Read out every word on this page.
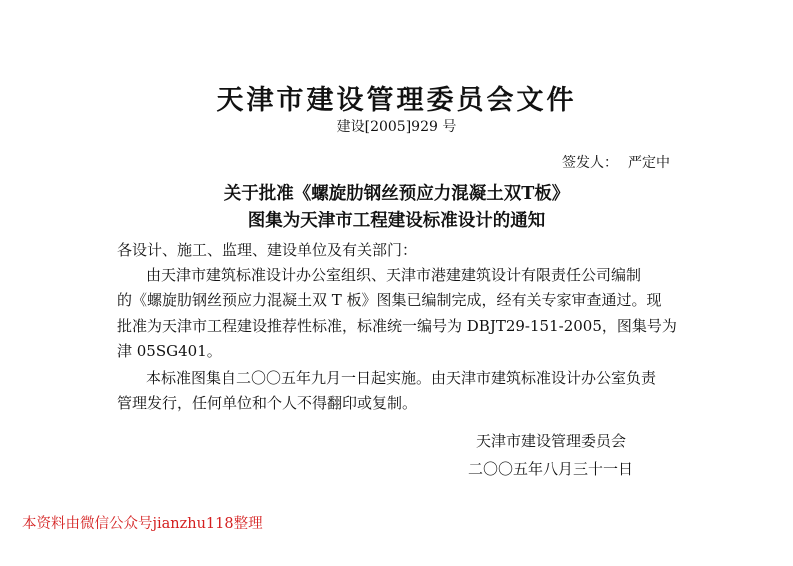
天津市建设管理委员会文件
建设[2005]929 号
签发人： 严定中
关于批准《螺旋肋钢丝预应力混凝土双T板》
图集为天津市工程建设标准设计的通知
各设计、施工、监理、建设单位及有关部门：
由天津市建筑标准设计办公室组织、天津市港建建筑设计有限责任公司编制
的《螺旋肋钢丝预应力混凝土双 T 板》图集已编制完成，经有关专家审查通过。现
批准为天津市工程建设推荐性标准，标准统一编号为 DBJT29-151-2005，图集号为
津 05SG401。
本标准图集自二〇〇五年九月一日起实施。由天津市建筑标准设计办公室负责
管理发行，任何单位和个人不得翻印或复制。
天津市建设管理委员会
二〇〇五年八月三十一日
本资料由微信公众号jianzhu118整理
